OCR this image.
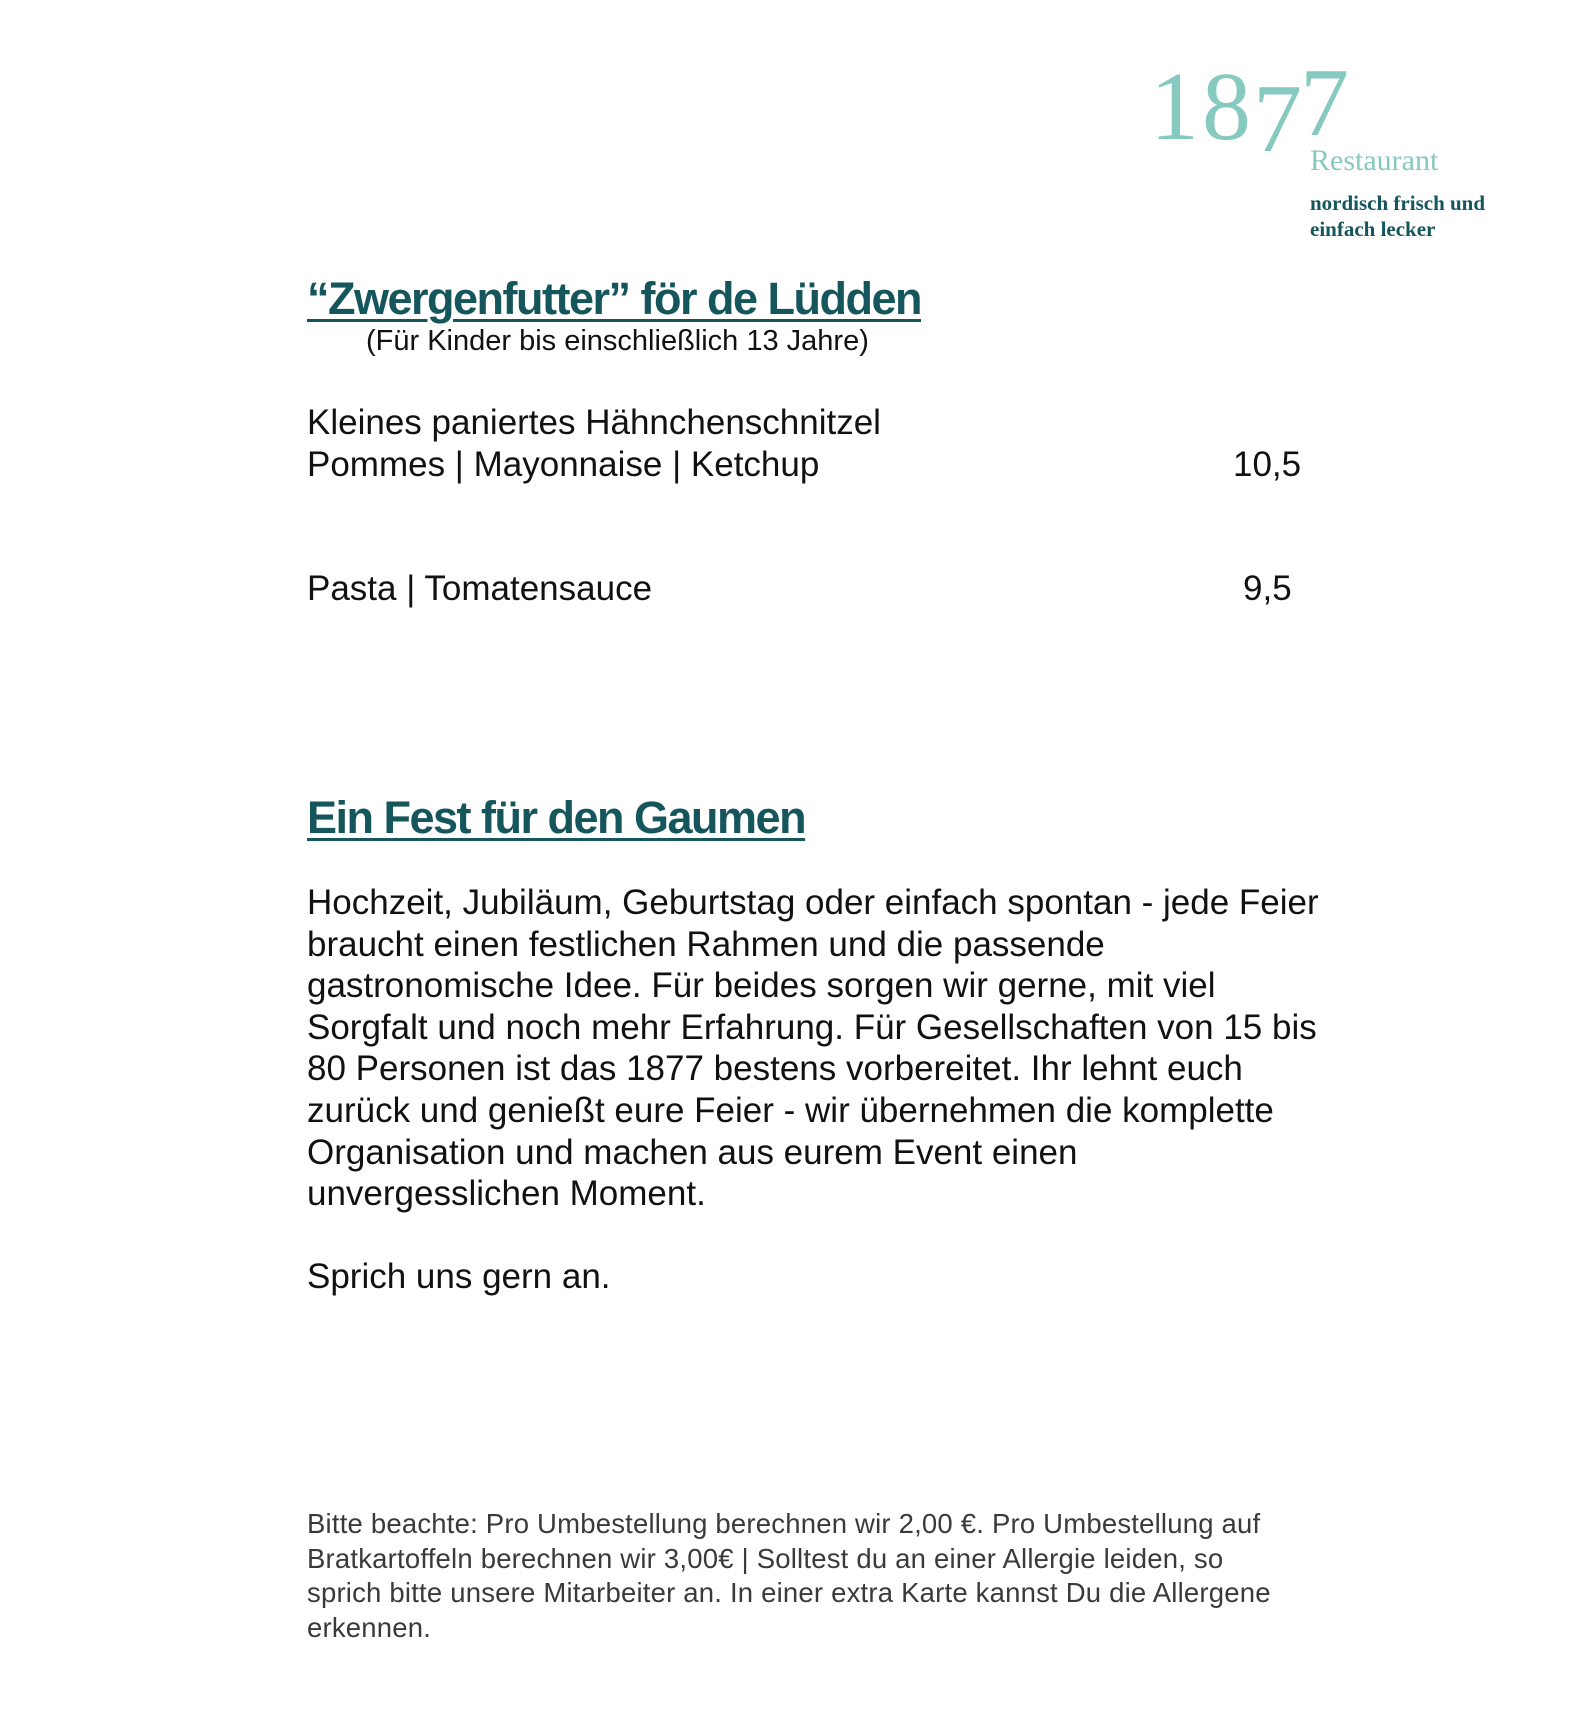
1 8 7
7
Restaurant
nordisch frisch und
einfach lecker
“Zwergenfutter” för de Lüdden
(Für Kinder bis einschließlich 13 Jahre)
Kleines paniertes Hähnchenschnitzel
Pommes | Mayonnaise | Ketchup	10,5
Pasta | Tomatensauce	9,5
Ein Fest für den Gaumen
Hochzeit, Jubiläum, Geburtstag oder einfach spontan - jede Feier
braucht einen festlichen Rahmen und die passende
gastronomische Idee. Für beides sorgen wir gerne, mit viel
Sorgfalt und noch mehr Erfahrung. Für Gesellschaften von 15 bis
80 Personen ist das 1877 bestens vorbereitet. Ihr lehnt euch
zurück und genießt eure Feier - wir übernehmen die komplette
Organisation und machen aus eurem Event einen
unvergesslichen Moment.
Sprich uns gern an.
Bitte beachte: Pro Umbestellung berechnen wir 2,00 €. Pro Umbestellung auf
Bratkartoffeln berechnen wir 3,00€ | Solltest du an einer Allergie leiden, so
sprich bitte unsere Mitarbeiter an. In einer extra Karte kannst Du die Allergene
erkennen.
